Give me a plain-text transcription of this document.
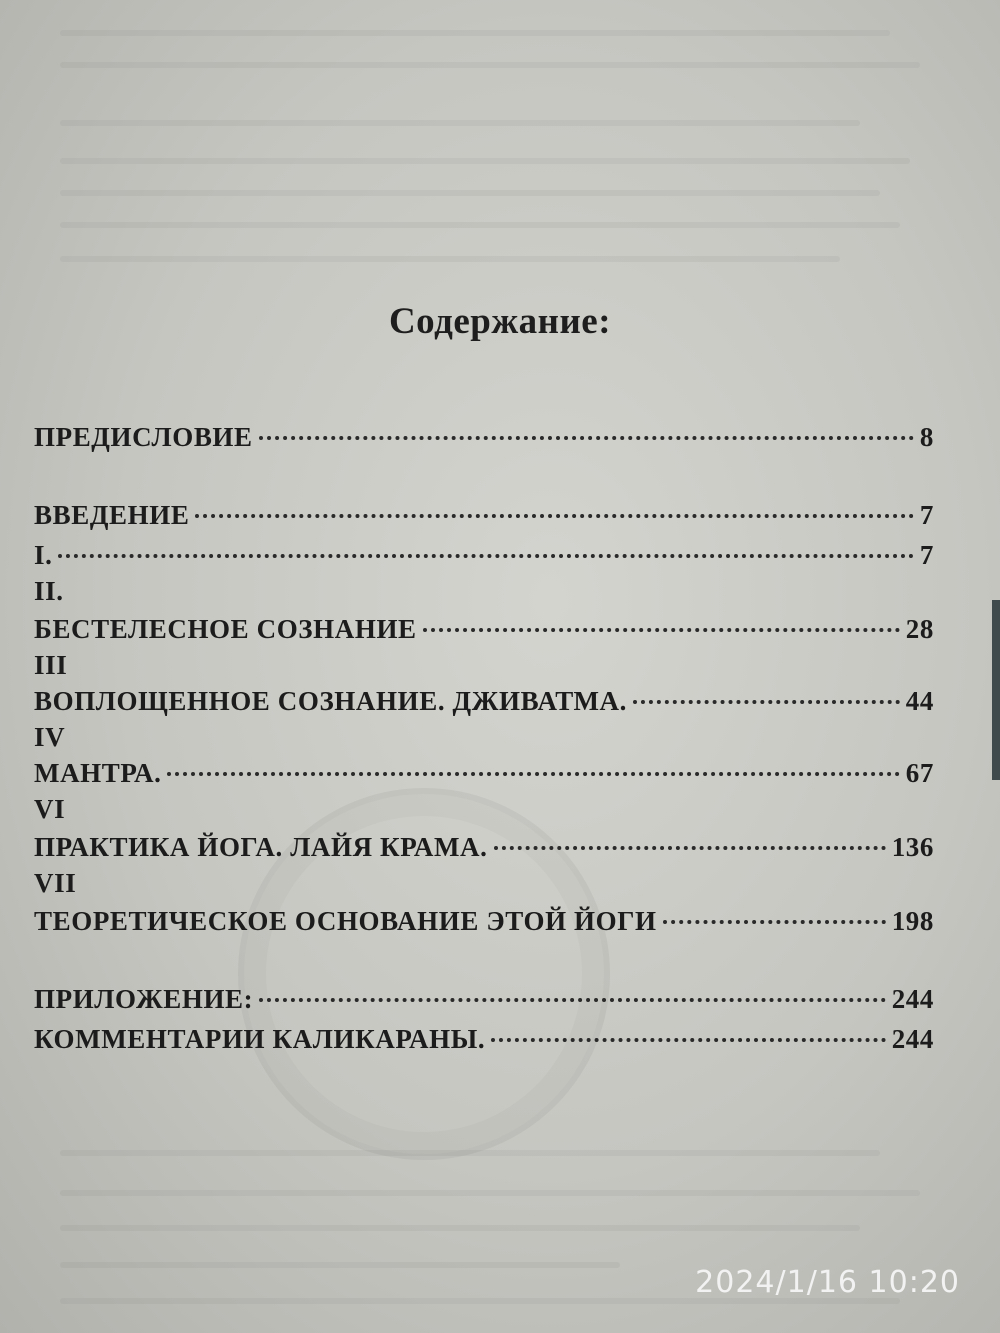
Содержание:
ПРЕДИСЛОВИЕ	8
ВВЕДЕНИЕ	7
I.	7
II.
БЕСТЕЛЕСНОЕ СОЗНАНИЕ	28
III
ВОПЛОЩЕННОЕ СОЗНАНИЕ. ДЖИВАТМА.	44
IV
МАНТРА.	67
VI
ПРАКТИКА ЙОГА. ЛАЙЯ КРАМА.	136
VII
ТЕОРЕТИЧЕСКОЕ ОСНОВАНИЕ ЭТОЙ ЙОГИ	198
ПРИЛОЖЕНИЕ:	244
КОММЕНТАРИИ КАЛИКАРАНЫ.	244
2024/1/16 10:20
